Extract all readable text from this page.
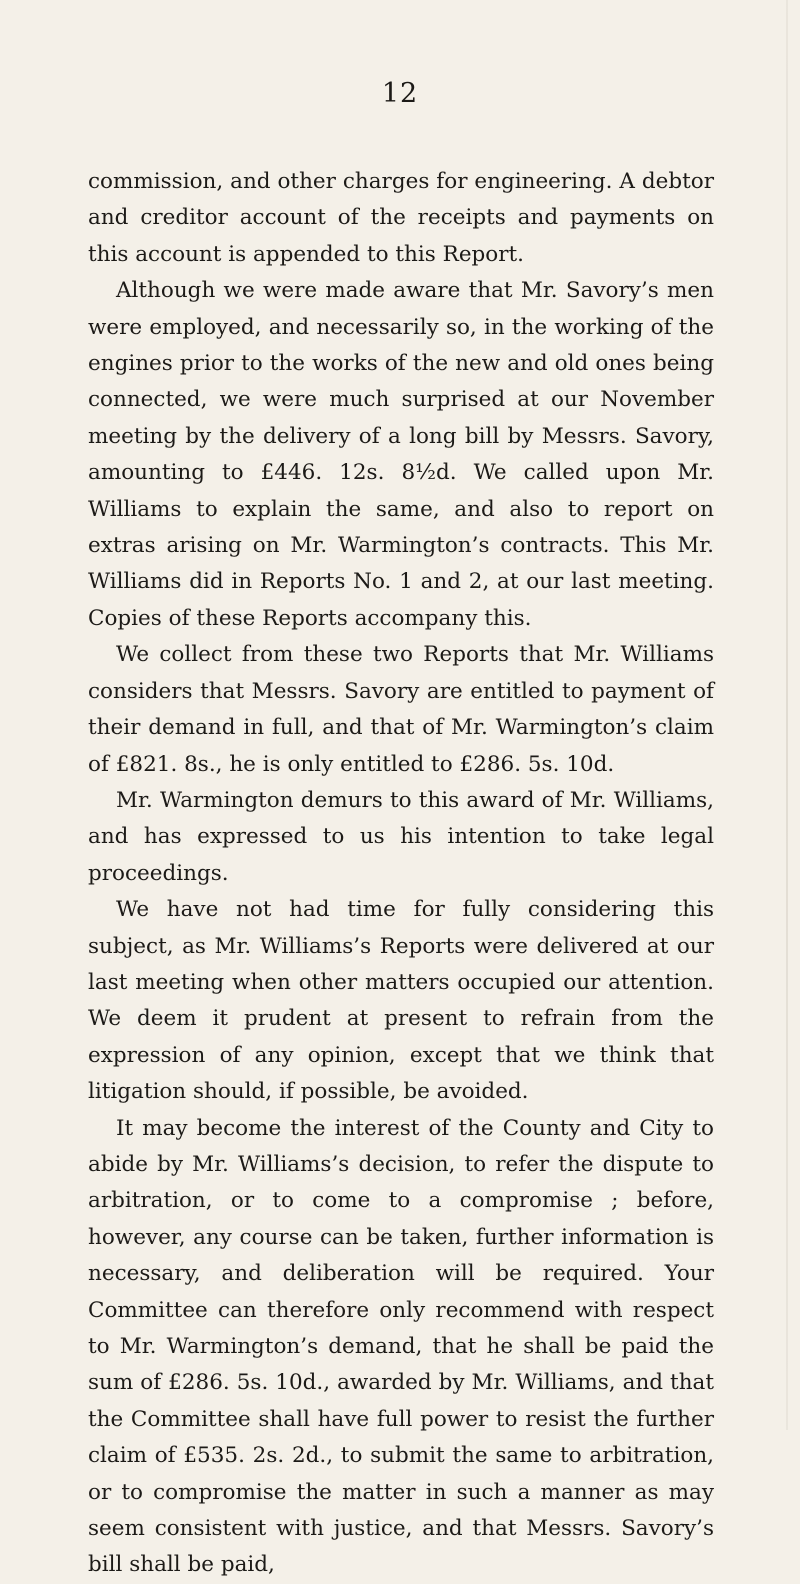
12

commission, and other charges for engineering. A debtor and creditor account of the receipts and payments on this account is appended to this Report.

Although we were made aware that Mr. Savory’s men were employed, and necessarily so, in the working of the engines prior to the works of the new and old ones being connected, we were much surprised at our November meeting by the delivery of a long bill by Messrs. Savory, amounting to £446. 12s. 8½d. We called upon Mr. Williams to explain the same, and also to report on extras arising on Mr. Warmington’s contracts. This Mr. Williams did in Reports No. 1 and 2, at our last meeting. Copies of these Reports accompany this.

We collect from these two Reports that Mr. Williams considers that Messrs. Savory are entitled to payment of their demand in full, and that of Mr. Warmington’s claim of £821. 8s., he is only entitled to £286. 5s. 10d.

Mr. Warmington demurs to this award of Mr. Williams, and has expressed to us his intention to take legal proceedings.

We have not had time for fully considering this subject, as Mr. Williams’s Reports were delivered at our last meeting when other matters occupied our attention. We deem it prudent at present to refrain from the expression of any opinion, except that we think that litigation should, if possible, be avoided.

It may become the interest of the County and City to abide by Mr. Williams’s decision, to refer the dispute to arbitration, or to come to a compromise ; before, however, any course can be taken, further information is necessary, and deliberation will be required. Your Committee can therefore only recommend with respect to Mr. Warmington’s demand, that he shall be paid the sum of £286. 5s. 10d., awarded by Mr. Williams, and that the Committee shall have full power to resist the further claim of £535. 2s. 2d., to submit the same to arbitration, or to compromise the matter in such a manner as may seem consistent with justice, and that Messrs. Savory’s bill shall be paid,
